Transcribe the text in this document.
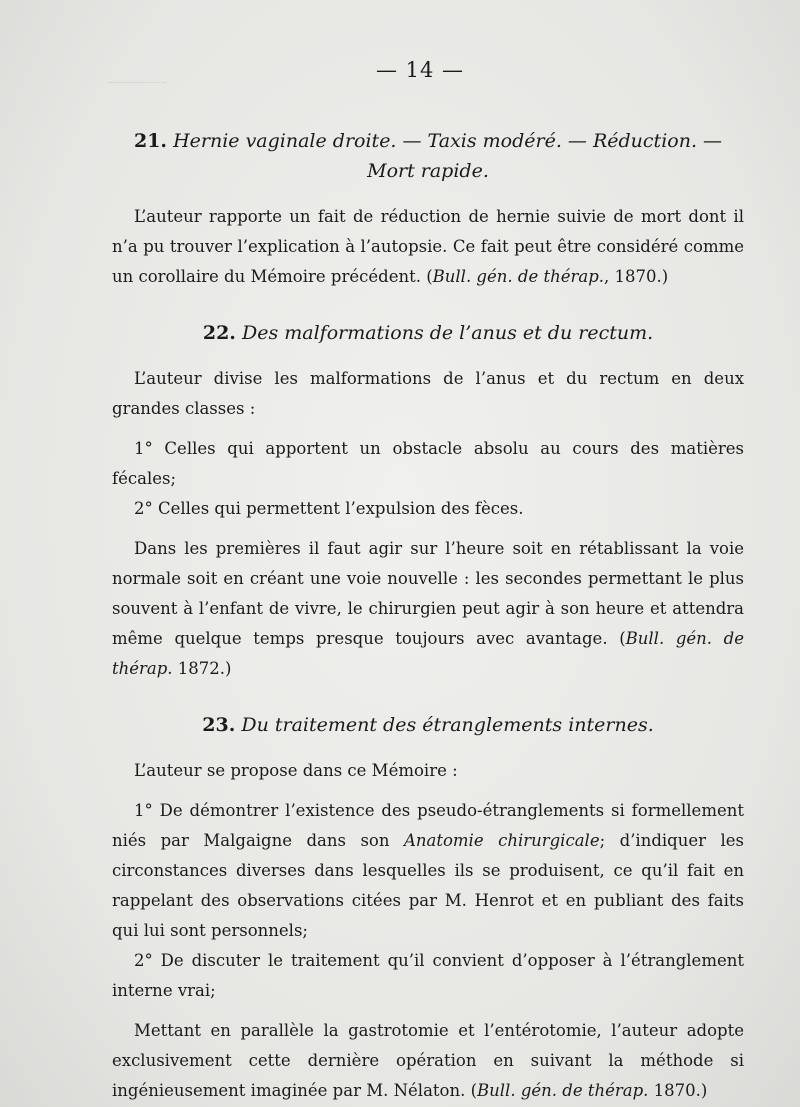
— 14 —
21. Hernie vaginale droite. — Taxis modéré. — Réduction. — Mort rapide.

L’auteur rapporte un fait de réduction de hernie suivie de mort dont il n’a pu trouver l’explication à l’autopsie. Ce fait peut être considéré comme un corollaire du Mémoire précédent. (Bull. gén. de thérap., 1870.)

22. Des malformations de l’anus et du rectum.

L’auteur divise les malformations de l’anus et du rectum en deux grandes classes :

1° Celles qui apportent un obstacle absolu au cours des matières fécales;

2° Celles qui permettent l’expulsion des fèces.

Dans les premières il faut agir sur l’heure soit en rétablissant la voie normale soit en créant une voie nouvelle : les secondes permettant le plus souvent à l’enfant de vivre, le chirurgien peut agir à son heure et attendra même quelque temps presque toujours avec avantage. (Bull. gén. de thérap. 1872.)

23. Du traitement des étranglements internes.

L’auteur se propose dans ce Mémoire :

1° De démontrer l’existence des pseudo-étranglements si formellement niés par Malgaigne dans son Anatomie chirurgicale; d’indiquer les circonstances diverses dans lesquelles ils se produisent, ce qu’il fait en rappelant des observations citées par M. Henrot et en publiant des faits qui lui sont personnels;

2° De discuter le traitement qu’il convient d’opposer à l’étranglement interne vrai;

Mettant en parallèle la gastrotomie et l’entérotomie, l’auteur adopte exclusivement cette dernière opération en suivant la méthode si ingénieusement imaginée par M. Nélaton. (Bull. gén. de thérap. 1870.)
